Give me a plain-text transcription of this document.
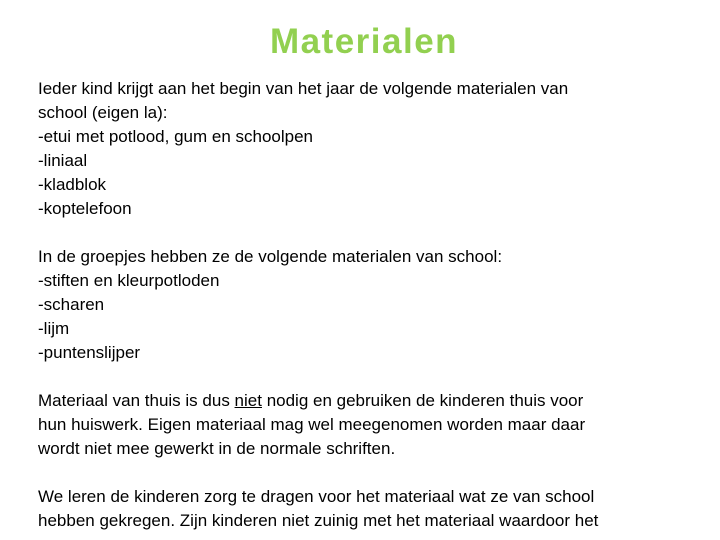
Materialen

Ieder kind krijgt aan het begin van het jaar de volgende materialen van
school (eigen la):
-etui met potlood, gum en schoolpen
-liniaal
-kladblok
-koptelefoon

In de groepjes hebben ze de volgende materialen van school:
-stiften en kleurpotloden
-scharen
-lijm
-puntenslijper

Materiaal van thuis is dus niet nodig en gebruiken de kinderen thuis voor
hun huiswerk. Eigen materiaal mag wel meegenomen worden maar daar
wordt niet mee gewerkt in de normale schriften.

We leren de kinderen zorg te dragen voor het materiaal wat ze van school
hebben gekregen. Zijn kinderen niet zuinig met het materiaal waardoor het
